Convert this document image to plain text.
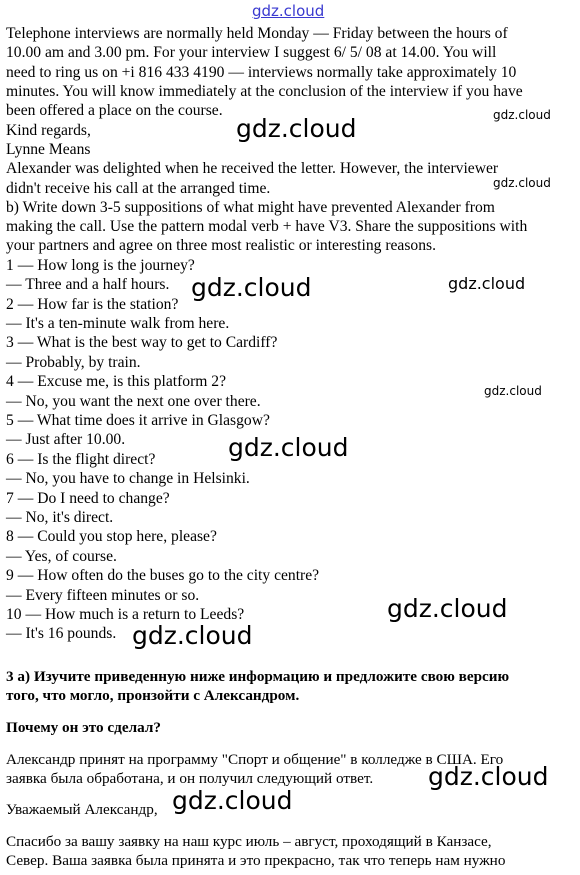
gdz.cloud

Telephone interviews are normally held Monday — Friday between the hours of

10.00 am and 3.00 pm. For your interview I suggest 6/ 5/ 08 at 14.00. You will

need to ring us on +i 816 433 4190 — interviews normally take approximately 10

minutes. You will know immediately at the conclusion of the interview if you have

been offered a place on the course.

Kind regards,

Lynne Means

Alexander was delighted when he received the letter. However, the interviewer

didn't receive his call at the arranged time.

b) Write down 3-5 suppositions of what might have prevented Alexander from

making the call. Use the pattern modal verb + have V3. Share the suppositions with

your partners and agree on three most realistic or interesting reasons.

1 — How long is the journey?

— Three and a half hours.

2 — How far is the station?

— It's a ten-minute walk from here.

3 — What is the best way to get to Cardiff?

— Probably, by train.

4 — Excuse me, is this platform 2?

— No, you want the next one over there.

5 — What time does it arrive in Glasgow?

— Just after 10.00.

6 — Is the flight direct?

— No, you have to change in Helsinki.

7 — Do I need to change?

— No, it's direct.

8 — Could you stop here, please?

— Yes, of course.

9 — How often do the buses go to the city centre?

— Every fifteen minutes or so.

10 — How much is a return to Leeds?

— It's 16 pounds.

3 а) Изучите приведенную ниже информацию и предложите свою версию

того, что могло, пронзойти с Александром.

Почему он это сделал?

Александр принят на программу "Спорт и общение" в колледже в США. Его

заявка была обработана, и он получил следующий ответ.

Уважаемый Александр,

Спасибо за вашу заявку на наш курс июль – август, проходящий в Канзасе,

Север. Ваша заявка была принята и это прекрасно, так что теперь нам нужно

gdz.cloud	gdz.cloud
gdz.cloud
gdz.cloud	gdz.cloud
gdz.cloud
gdz.cloud
gdz.cloud
gdz.cloud
gdz.cloud
gdz.cloud
